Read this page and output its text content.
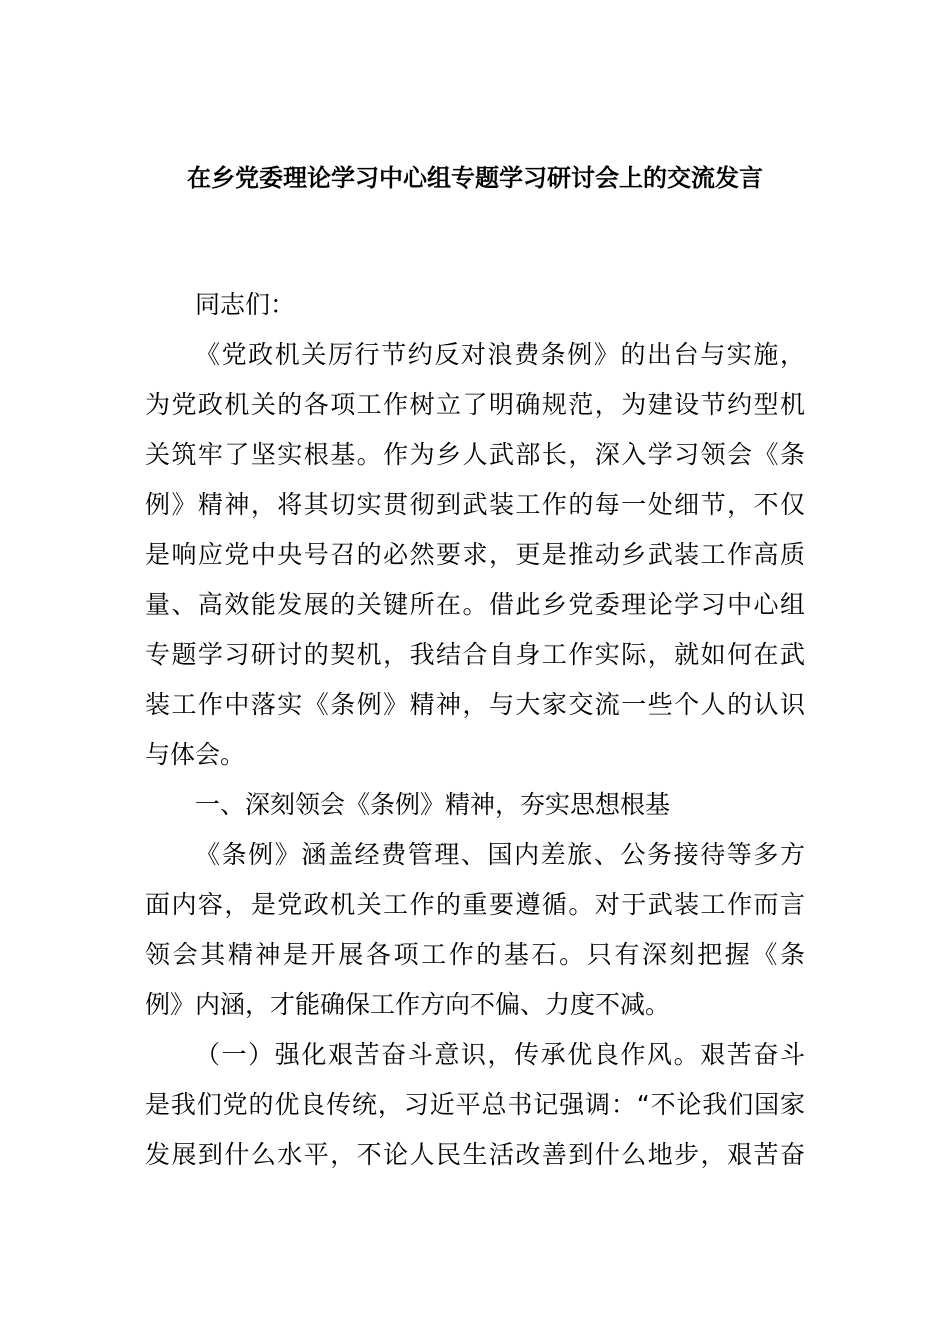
在乡党委理论学习中心组专题学习研讨会上的交流发言
同志们：
《党政机关厉行节约反对浪费条例》的出台与实施，
为党政机关的各项工作树立了明确规范，为建设节约型机
关筑牢了坚实根基。作为乡人武部长，深入学习领会《条
例》精神，将其切实贯彻到武装工作的每一处细节，不仅
是响应党中央号召的必然要求，更是推动乡武装工作高质
量、高效能发展的关键所在。借此乡党委理论学习中心组
专题学习研讨的契机，我结合自身工作实际，就如何在武
装工作中落实《条例》精神，与大家交流一些个人的认识
与体会。
一、深刻领会《条例》精神，夯实思想根基
《条例》涵盖经费管理、国内差旅、公务接待等多方
面内容，是党政机关工作的重要遵循。对于武装工作而言
领会其精神是开展各项工作的基石。只有深刻把握《条
例》内涵，才能确保工作方向不偏、力度不减。
（一）强化艰苦奋斗意识，传承优良作风。艰苦奋斗
是我们党的优良传统，习近平总书记强调：“不论我们国家
发展到什么水平，不论人民生活改善到什么地步，艰苦奋
